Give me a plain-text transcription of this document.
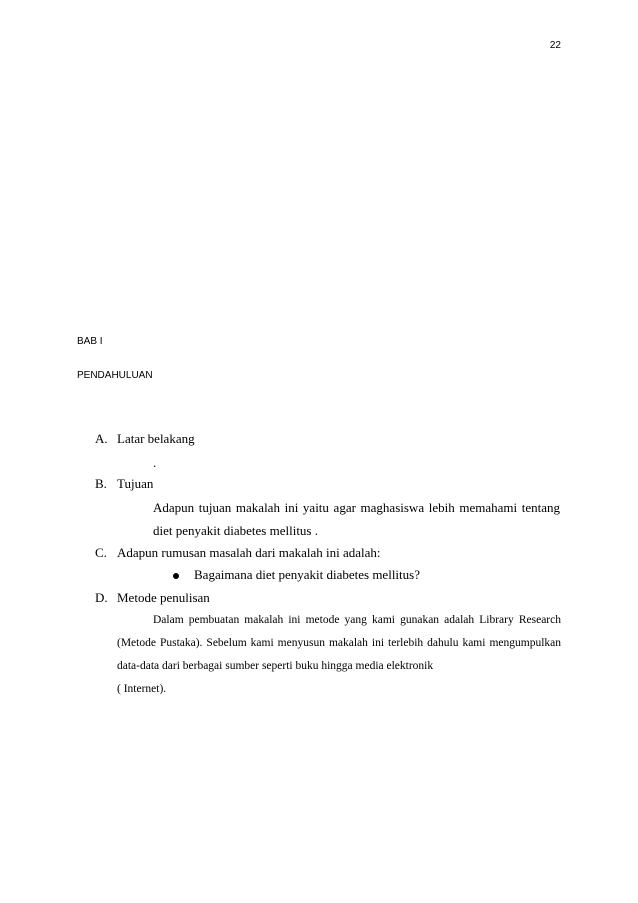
22
BAB I
PENDAHULUAN
A. Latar belakang
.
B. Tujuan
Adapun tujuan makalah ini yaitu agar maghasiswa lebih memahami tentang
diet penyakit diabetes mellitus .
C. Adapun rumusan masalah dari makalah ini adalah:
Bagaimana diet penyakit diabetes mellitus?
D. Metode penulisan
Dalam pembuatan makalah ini metode yang kami gunakan adalah Library Research
(Metode Pustaka). Sebelum kami menyusun makalah ini terlebih dahulu kami mengumpulkan
data-data dari berbagai sumber seperti buku hingga media elektronik
( Internet).
